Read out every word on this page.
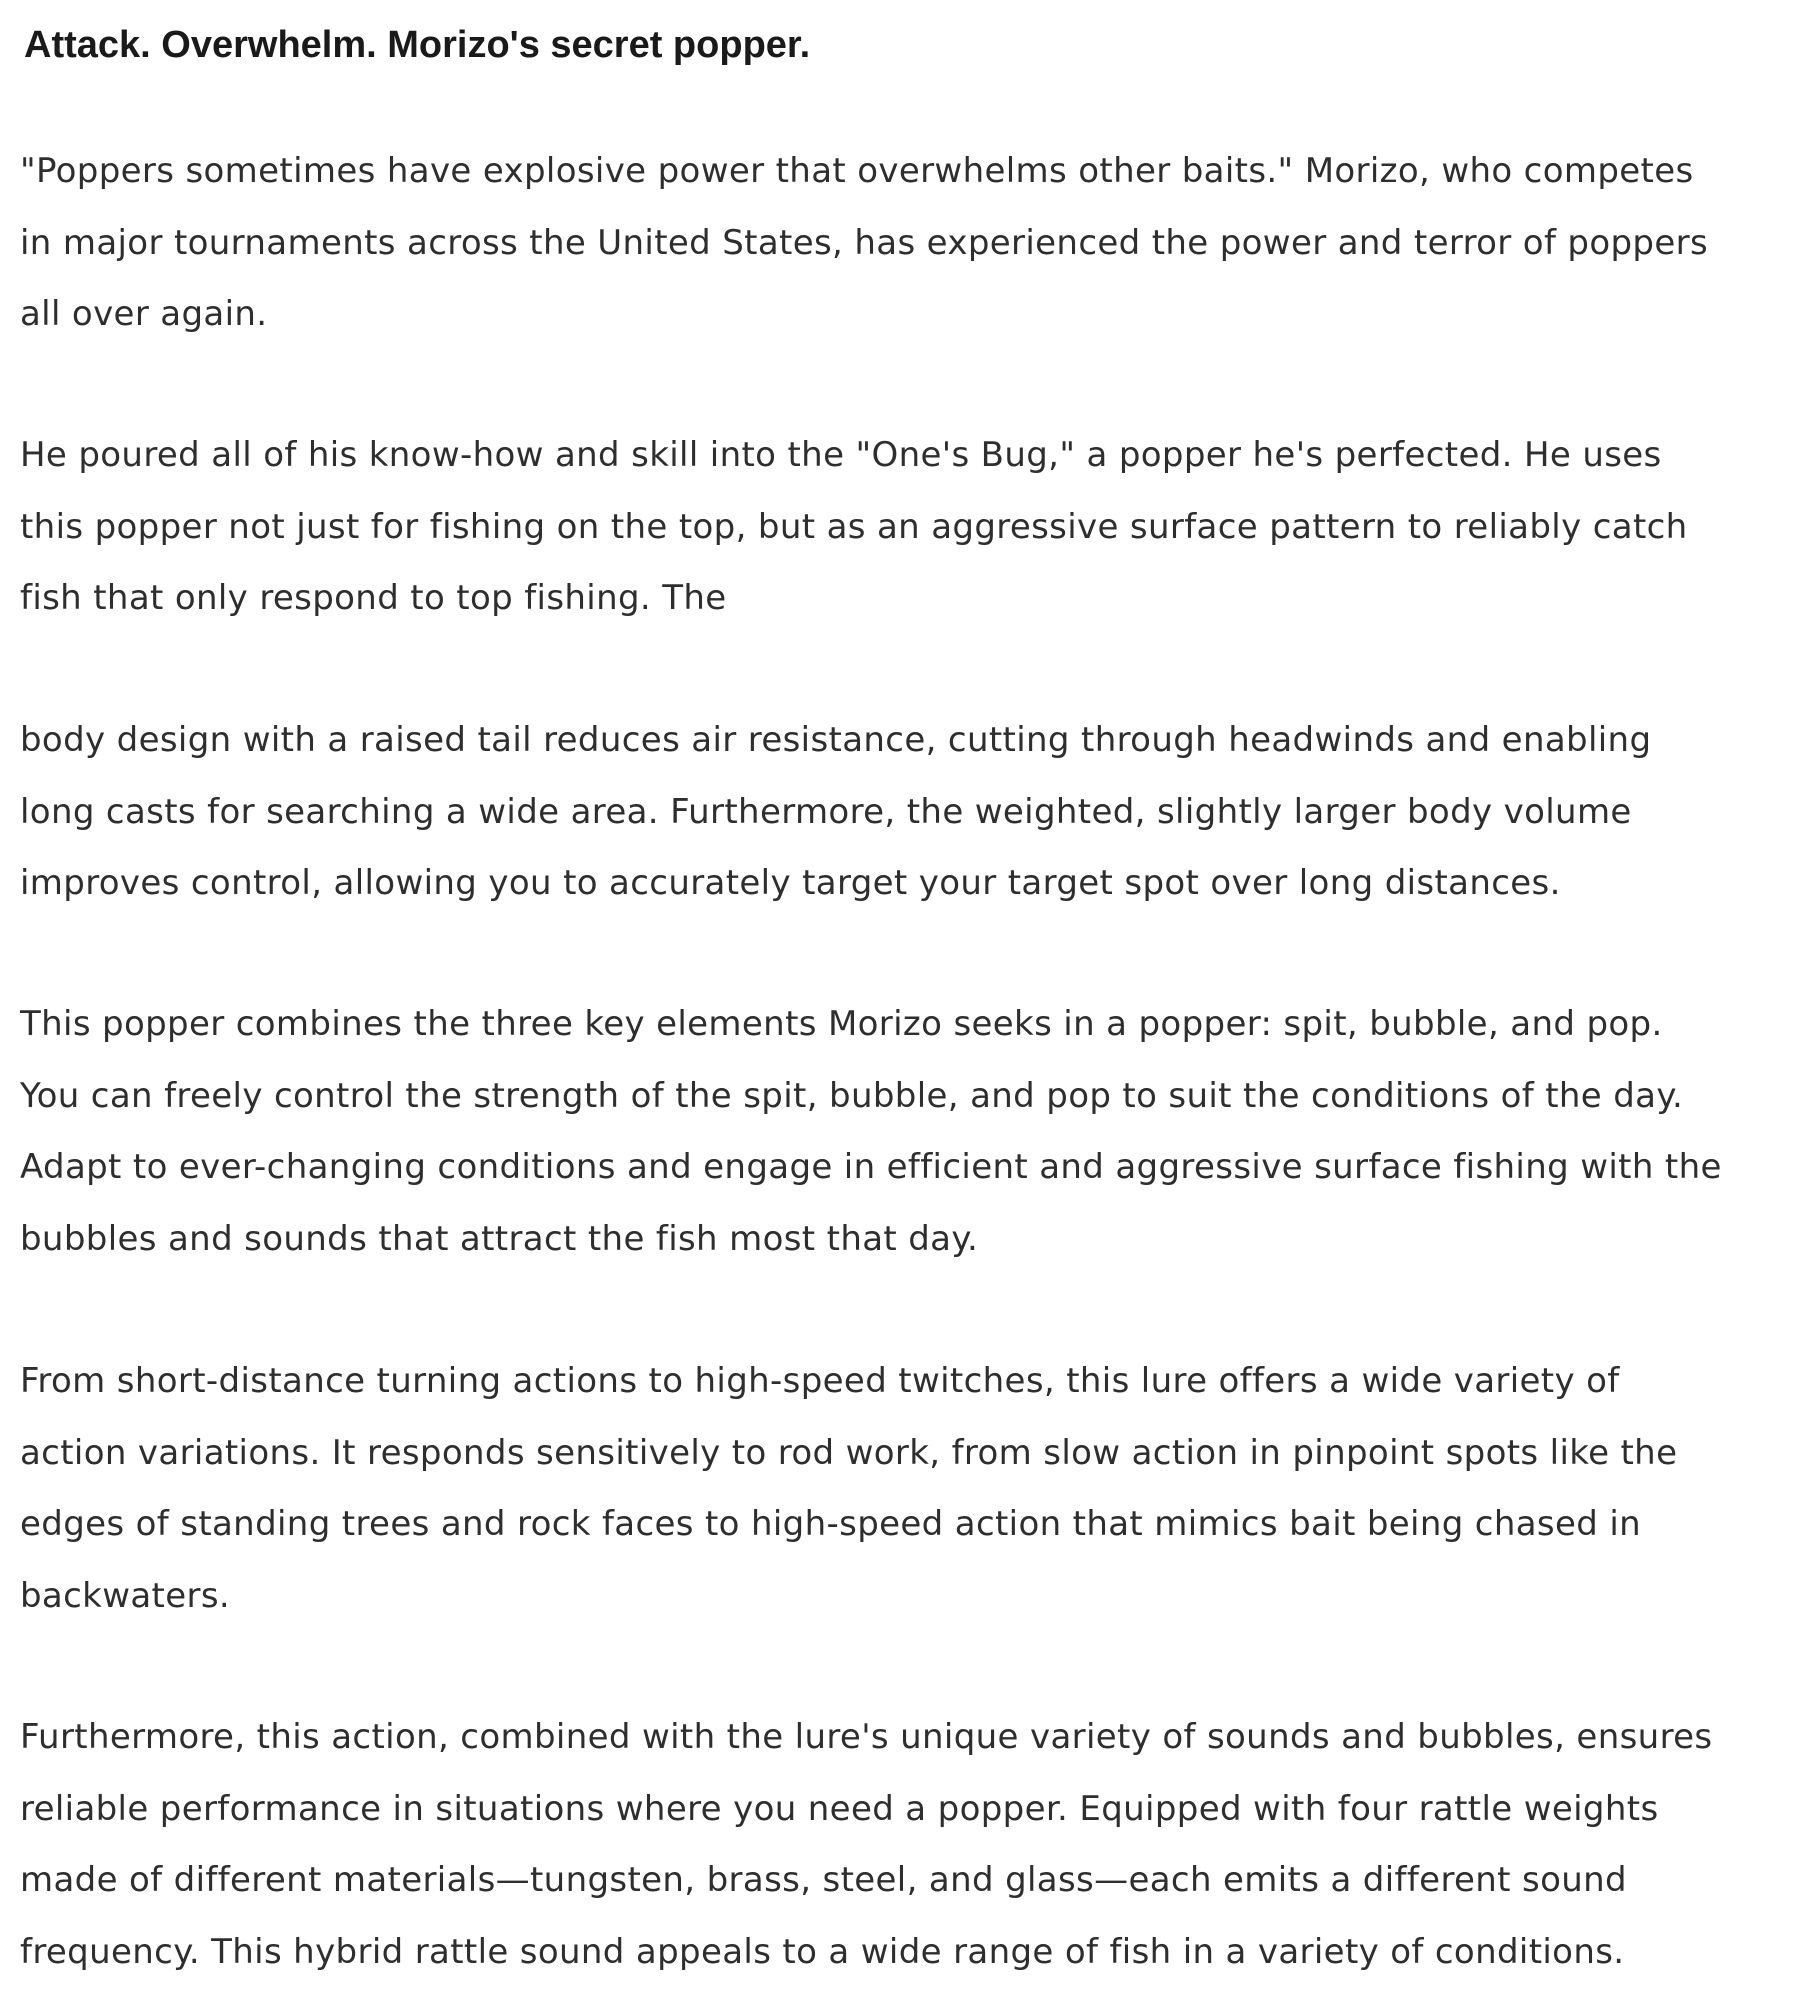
Attack. Overwhelm. Morizo's secret popper.

"Poppers sometimes have explosive power that overwhelms other baits." Morizo, who competes
in major tournaments across the United States, has experienced the power and terror of poppers
all over again.

He poured all of his know-how and skill into the "One's Bug," a popper he's perfected. He uses
this popper not just for fishing on the top, but as an aggressive surface pattern to reliably catch
fish that only respond to top fishing. The

body design with a raised tail reduces air resistance, cutting through headwinds and enabling
long casts for searching a wide area. Furthermore, the weighted, slightly larger body volume
improves control, allowing you to accurately target your target spot over long distances.

This popper combines the three key elements Morizo seeks in a popper: spit, bubble, and pop.
You can freely control the strength of the spit, bubble, and pop to suit the conditions of the day.
Adapt to ever-changing conditions and engage in efficient and aggressive surface fishing with the
bubbles and sounds that attract the fish most that day.

From short-distance turning actions to high-speed twitches, this lure offers a wide variety of
action variations. It responds sensitively to rod work, from slow action in pinpoint spots like the
edges of standing trees and rock faces to high-speed action that mimics bait being chased in
backwaters.

Furthermore, this action, combined with the lure's unique variety of sounds and bubbles, ensures
reliable performance in situations where you need a popper. Equipped with four rattle weights
made of different materials—tungsten, brass, steel, and glass—each emits a different sound
frequency. This hybrid rattle sound appeals to a wide range of fish in a variety of conditions.
